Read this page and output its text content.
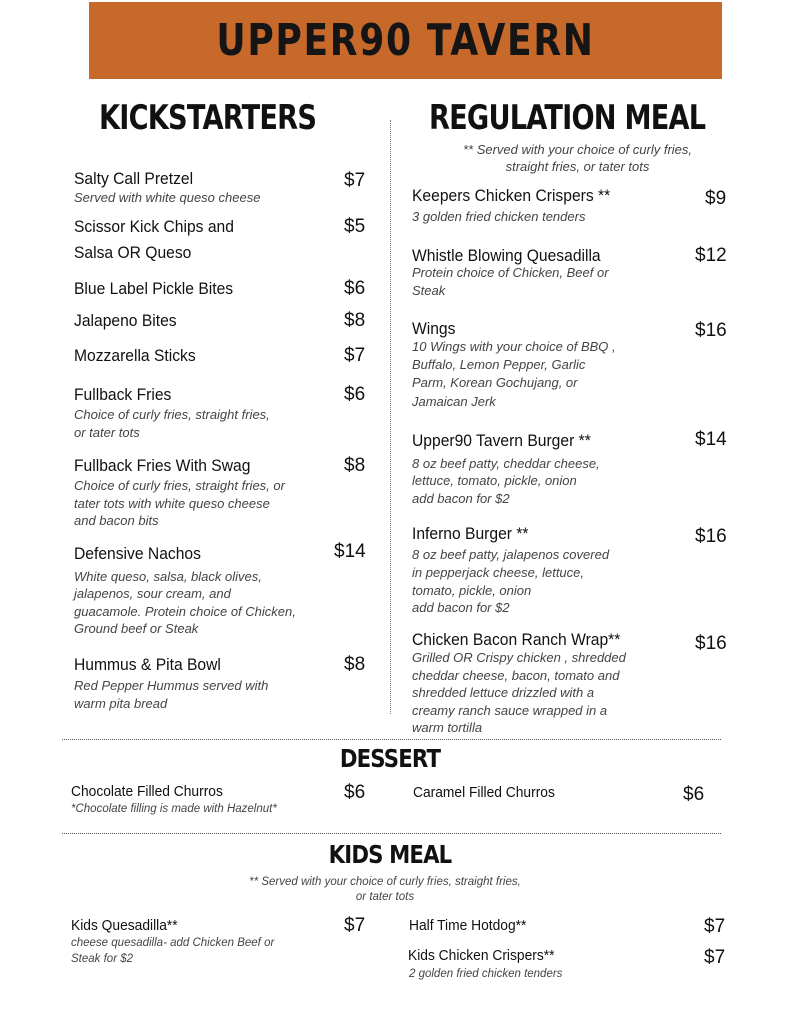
UPPER90 TAVERN
KICKSTARTERS
Salty Call Pretzel	$7
Served with white queso cheese
Scissor Kick Chips and
Salsa OR Queso
$5
Blue Label Pickle Bites	$6
Jalapeno Bites	$8
Mozzarella Sticks	$7
Fullback Fries	$6
Choice of curly fries, straight fries,
or tater tots
Fullback Fries With Swag	$8
Choice of curly fries, straight fries, or
tater tots with white queso cheese
and bacon bits
Defensive Nachos	$14
White queso, salsa, black olives,
jalapenos, sour cream, and
guacamole. Protein choice of Chicken,
Ground beef or Steak
Hummus & Pita Bowl	$8
Red Pepper Hummus served with
warm pita bread
REGULATION MEAL
** Served with your choice of curly fries,
straight fries, or tater tots
Keepers Chicken Crispers **	$9
3 golden fried chicken tenders
Whistle Blowing Quesadilla	$12
Protein choice of Chicken, Beef or
Steak
Wings	$16
10 Wings with your choice of BBQ ,
Buffalo, Lemon Pepper, Garlic
Parm, Korean Gochujang, or
Jamaican Jerk
Upper90 Tavern Burger **	$14
8 oz beef patty, cheddar cheese,
lettuce, tomato, pickle, onion
add bacon for $2
Inferno Burger **	$16
8 oz beef patty, jalapenos covered
in pepperjack cheese, lettuce,
tomato, pickle, onion
add bacon for $2
Chicken Bacon Ranch Wrap**	$16
Grilled OR Crispy chicken , shredded
cheddar cheese, bacon, tomato and
shredded lettuce drizzled with a
creamy ranch sauce wrapped in a
warm tortilla
DESSERT
Chocolate Filled Churros	$6
*Chocolate filling is made with Hazelnut*
Caramel Filled Churros	$6
KIDS MEAL
** Served with your choice of curly fries, straight fries,
or tater tots
Kids Quesadilla**	$7
cheese quesadilla- add Chicken Beef or
Steak for $2
Half Time Hotdog**	$7
Kids Chicken Crispers**	$7
2 golden fried chicken tenders
